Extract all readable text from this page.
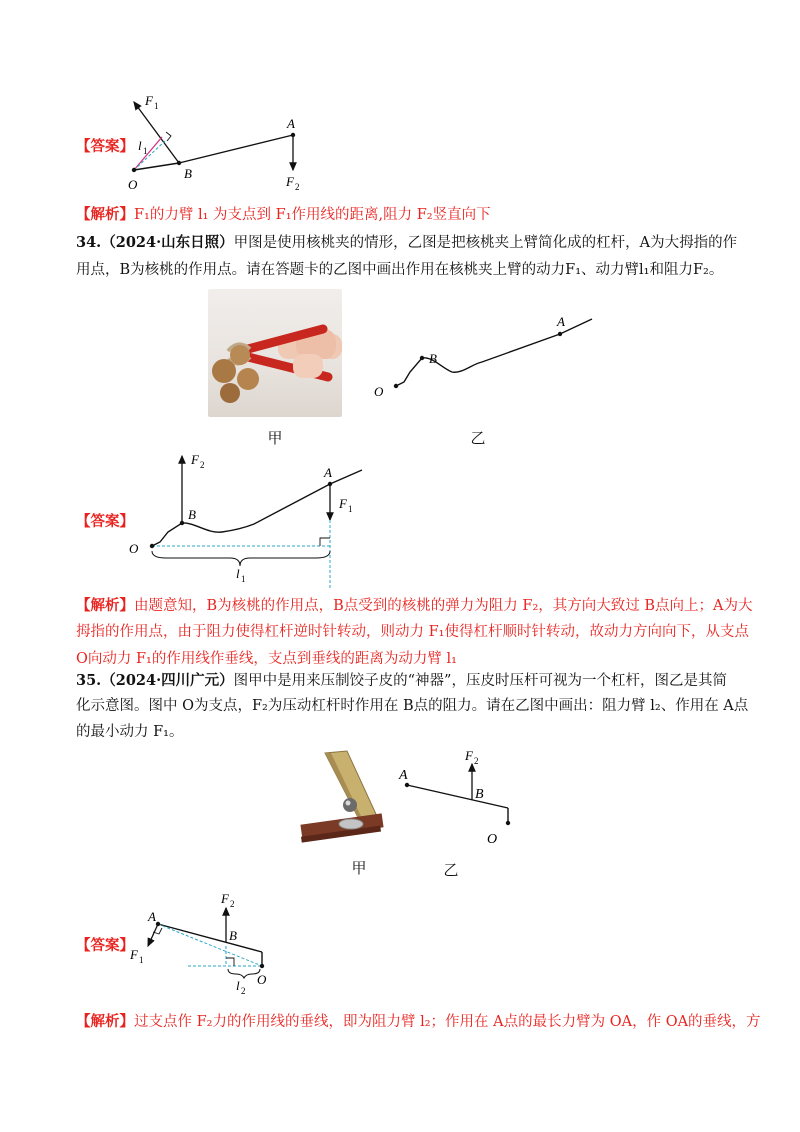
【答案】
F 1
A
l 1
O
B
F 2
【解析】F₁的力臂 l₁ 为支点到 F₁作用线的距离,阻力 F₂竖直向下
34.（2024·山东日照）甲图是使用核桃夹的情形，乙图是把核桃夹上臂简化成的杠杆，A为大拇指的作
用点，B为核桃的作用点。请在答题卡的乙图中画出作用在核桃夹上臂的动力F₁、动力臂l₁和阻力F₂。
A
B
O
甲	乙
【答案】
F 2	A
F 1
B
O
l 1
【解析】由题意知，B为核桃的作用点，B点受到的核桃的弹力为阻力 F₂，其方向大致过 B点向上；A为大
拇指的作用点，由于阻力使得杠杆逆时针转动，则动力 F₁使得杠杆顺时针转动，故动力方向向下，从支点
O向动力 F₁的作用线作垂线，支点到垂线的距离为动力臂 l₁
35.（2024·四川广元）图甲中是用来压制饺子皮的“神器”，压皮时压杆可视为一个杠杆，图乙是其简
化示意图。图中 O为支点，F₂为压动杠杆时作用在 B点的阻力。请在乙图中画出：阻力臂 l₂、作用在 A点
的最小动力 F₁。
A
F 2
B
O
甲	乙
【答案】
F 2
A
B
F 1
l 2
O
【解析】过支点作 F₂力的作用线的垂线，即为阻力臂 l₂；作用在 A点的最长力臂为 OA，作 OA的垂线，方
